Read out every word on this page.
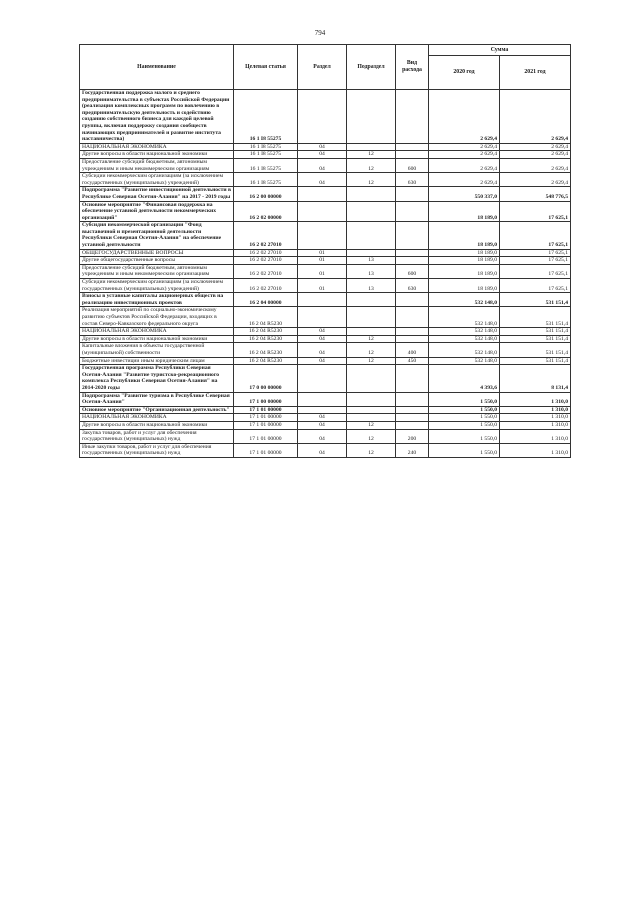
794
Наименование	Целевая статья	Раздел	Подраздел	Вид расхода	Сумма	
					2020 год	2021 год
Государственная поддержка малого и среднего предпринимательства в субъектах Российской Федерации (реализация комплексных программ по вовлечению в предпринимательскую деятельность и содействию созданию собственного бизнеса для каждой целевой группы, включая поддержку создания сообществ начинающих предпринимателей и развитие института наставничества)	16 1 I8 55275				2 629,4	2 629,4
НАЦИОНАЛЬНАЯ ЭКОНОМИКА	16 1 I8 55275	04			2 629,4	2 629,4
Другие вопросы в области национальной экономики	16 1 I8 55275	04	12		2 629,4	2 629,4
Предоставление субсидий бюджетным, автономным учреждениям и иным некоммерческим организациям	16 1 I8 55275	04	12	600	2 629,4	2 629,4
Субсидии некоммерческим организациям (за исключением государственных (муниципальных) учреждений)	16 1 I8 55275	04	12	630	2 629,4	2 629,4
Подпрограмма "Развитие инвестиционной деятельности в Республике Северная Осетия-Алания" на 2017 - 2019 годы	16 2 00 00000				550 337,0	548 776,5
Основное мероприятие "Финансовая поддержка на обеспечение уставной деятельности некоммерческих организаций"	16 2 02 00000				18 189,0	17 625,1
Субсидия некоммерческой организации "Фонд выставочной и презентационной деятельности Республики Северная Осетия-Алания" на обеспечение уставной деятельности	16 2 02 27010				18 189,0	17 625,1
ОБЩЕГОСУДАРСТВЕННЫЕ ВОПРОСЫ	16 2 02 27010	01			18 189,0	17 625,1
Другие общегосударственные вопросы	16 2 02 27010	01	13		18 189,0	17 625,1
Предоставление субсидий бюджетным, автономным учреждениям и иным некоммерческим организациям	16 2 02 27010	01	13	600	18 189,0	17 625,1
Субсидии некоммерческим организациям (за исключением государственных (муниципальных) учреждений)	16 2 02 27010	01	13	630	18 189,0	17 625,1
Взносы в уставные капиталы акционерных обществ на реализацию инвестиционных проектов	16 2 04 00000				532 148,0	531 151,4
Реализация мероприятий по социально-экономическому развитию субъектов Российской Федерации, входящих в состав Северо-Кавказского федерального округа	16 2 04 R5230				532 148,0	531 151,4
НАЦИОНАЛЬНАЯ ЭКОНОМИКА	16 2 04 R5230	04			532 148,0	531 151,4
Другие вопросы в области национальной экономики	16 2 04 R5230	04	12		532 148,0	531 151,4
Капитальные вложения в объекты государственной (муниципальной) собственности	16 2 04 R5230	04	12	400	532 148,0	531 151,4
Бюджетные инвестиции иным юридическим лицам	16 2 04 R5230	04	12	450	532 148,0	531 151,4
Государственная программа Республики Северная Осетия-Алания "Развитие туристско-рекреационного комплекса Республики Северная Осетия-Алания" на 2014-2020 годы	17 0 00 00000				4 393,6	8 131,4
Подпрограмма "Развитие туризма в Республике Северная Осетия-Алания"	17 1 00 00000				1 550,0	1 310,0
Основное мероприятие "Организационная деятельность"	17 1 01 00000				1 550,0	1 310,0
НАЦИОНАЛЬНАЯ ЭКОНОМИКА	17 1 01 00000	04			1 550,0	1 310,0
Другие вопросы в области национальной экономики	17 1 01 00000	04	12		1 550,0	1 310,0
Закупка товаров, работ и услуг для обеспечения государственных (муниципальных) нужд	17 1 01 00000	04	12	200	1 550,0	1 310,0
Иные закупки товаров, работ и услуг для обеспечения государственных (муниципальных) нужд	17 1 01 00000	04	12	240	1 550,0	1 310,0
